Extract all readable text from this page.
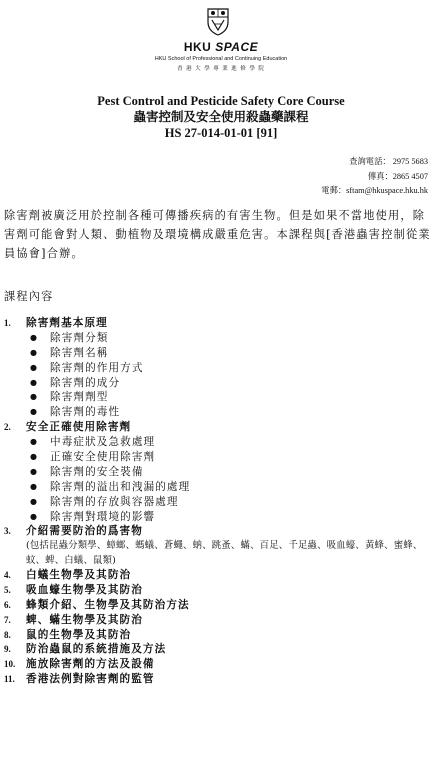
HKU SPACE
HKU School of Professional and Continuing Education
香 港 大 學 專 業 進 修 學 院
Pest Control and Pesticide Safety Core Course
蟲害控制及安全使用殺蟲藥課程
HS 27-014-01-01 [91]
查詢電話： 2975 5683
傳真：2865 4507
電郵：sftam@hkuspace.hku.hk
除害劑被廣泛用於控制各種可傳播疾病的有害生物。但是如果不當地使用，除害劑可能會對人類、動植物及環境構成嚴重危害。本課程與[香港蟲害控制從業員協會]合辦。
課程內容
1.	除害劑基本原理
● 除害劑分類
● 除害劑名稱
● 除害劑的作用方式
● 除害劑的成分
● 除害劑劑型
● 除害劑的毒性
2.	安全正確使用除害劑
● 中毒症狀及急救處理
● 正確安全使用除害劑
● 除害劑的安全裝備
● 除害劑的溢出和洩漏的處理
● 除害劑的存放與容器處理
● 除害劑對環境的影響
3.	介紹需要防治的爲害物
(包括昆蟲分類學、蟑螂、螞蟻、蒼蠅、蚋、跳蚤、蟎、百足、千足蟲、吸血蠔、黃蜂、蜜蜂、蚊、蜱、白蟻、鼠類)
4.	白蟻生物學及其防治
5.	吸血蠔生物學及其防治
6.	蜂類介紹、生物學及其防治方法
7.	蜱、蟎生物學及其防治
8.	鼠的生物學及其防治
9.	防治蟲鼠的系統措施及方法
10.	施放除害劑的方法及設備
11.	香港法例對除害劑的監管
